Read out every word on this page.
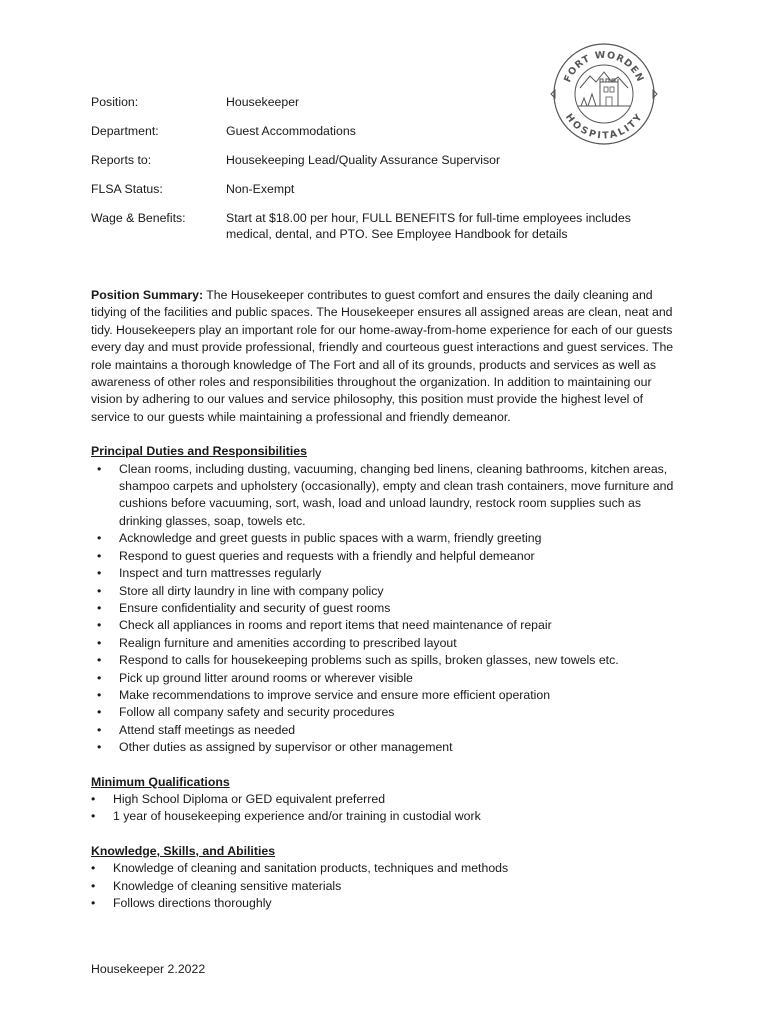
FORT WORDEN
HOSPITALITY
Position:	Housekeeper
Department:	Guest Accommodations
Reports to:	Housekeeping Lead/Quality Assurance Supervisor
FLSA Status:	Non-Exempt
Wage & Benefits:	Start at $18.00 per hour, FULL BENEFITS for full-time employees includes medical, dental, and PTO. See Employee Handbook for details

Position Summary: The Housekeeper contributes to guest comfort and ensures the daily cleaning and tidying of the facilities and public spaces. The Housekeeper ensures all assigned areas are clean, neat and tidy. Housekeepers play an important role for our home-away-from-home experience for each of our guests every day and must provide professional, friendly and courteous guest interactions and guest services. The role maintains a thorough knowledge of The Fort and all of its grounds, products and services as well as awareness of other roles and responsibilities throughout the organization. In addition to maintaining our vision by adhering to our values and service philosophy, this position must provide the highest level of service to our guests while maintaining a professional and friendly demeanor.

Principal Duties and Responsibilities
• Clean rooms, including dusting, vacuuming, changing bed linens, cleaning bathrooms, kitchen areas, shampoo carpets and upholstery (occasionally), empty and clean trash containers, move furniture and cushions before vacuuming, sort, wash, load and unload laundry, restock room supplies such as drinking glasses, soap, towels etc.
• Acknowledge and greet guests in public spaces with a warm, friendly greeting
• Respond to guest queries and requests with a friendly and helpful demeanor
• Inspect and turn mattresses regularly
• Store all dirty laundry in line with company policy
• Ensure confidentiality and security of guest rooms
• Check all appliances in rooms and report items that need maintenance of repair
• Realign furniture and amenities according to prescribed layout
• Respond to calls for housekeeping problems such as spills, broken glasses, new towels etc.
• Pick up ground litter around rooms or wherever visible
• Make recommendations to improve service and ensure more efficient operation
• Follow all company safety and security procedures
• Attend staff meetings as needed
• Other duties as assigned by supervisor or other management
Minimum Qualifications
• High School Diploma or GED equivalent preferred
• 1 year of housekeeping experience and/or training in custodial work
Knowledge, Skills, and Abilities
• Knowledge of cleaning and sanitation products, techniques and methods
• Knowledge of cleaning sensitive materials
• Follows directions thoroughly
Housekeeper 2.2022
